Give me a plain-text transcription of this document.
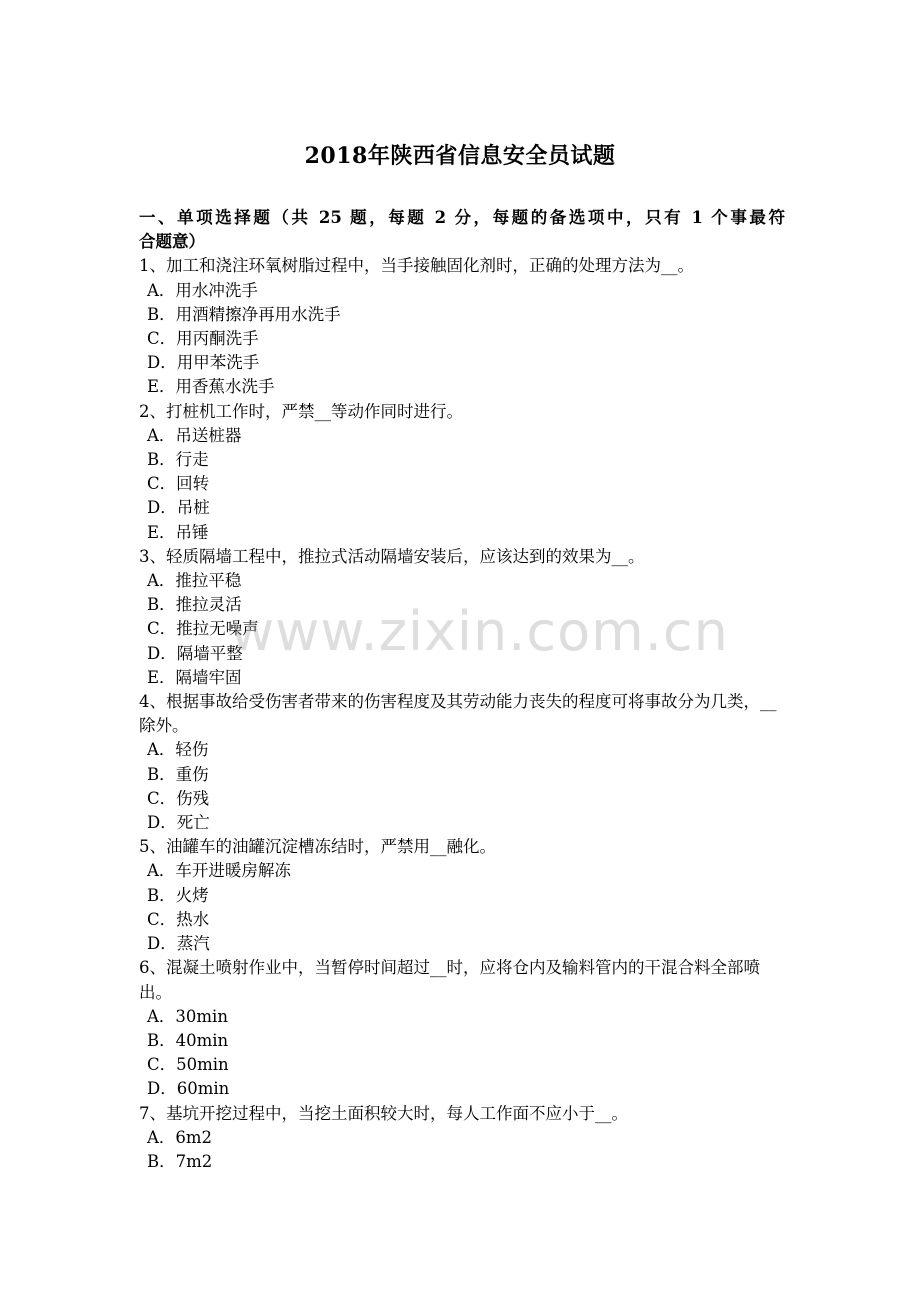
2018年陕西省信息安全员试题
一、单项选择题（共 25 题，每题 2 分，每题的备选项中，只有 1 个事最符
合题意）
1、加工和浇注环氧树脂过程中，当手接触固化剂时，正确的处理方法为__。
A．用水冲洗手
B．用酒精擦净再用水洗手
C．用丙酮洗手
D．用甲苯洗手
E．用香蕉水洗手
2、打桩机工作时，严禁__等动作同时进行。
A．吊送桩器
B．行走
C．回转
D．吊桩
E．吊锤
3、轻质隔墙工程中，推拉式活动隔墙安装后，应该达到的效果为__。
A．推拉平稳
B．推拉灵活
C．推拉无噪声
D．隔墙平整
E．隔墙牢固
4、根据事故给受伤害者带来的伤害程度及其劳动能力丧失的程度可将事故分为几类，__除外。
A．轻伤
B．重伤
C．伤残
D．死亡
5、油罐车的油罐沉淀槽冻结时，严禁用__融化。
A．车开进暖房解冻
B．火烤
C．热水
D．蒸汽
6、混凝土喷射作业中，当暂停时间超过__时，应将仓内及输料管内的干混合料全部喷出。
A．30min
B．40min
C．50min
D．60min
7、基坑开挖过程中，当挖土面积较大时，每人工作面不应小于__。
A．6m2
B．7m2
www.zixin.com.cn
